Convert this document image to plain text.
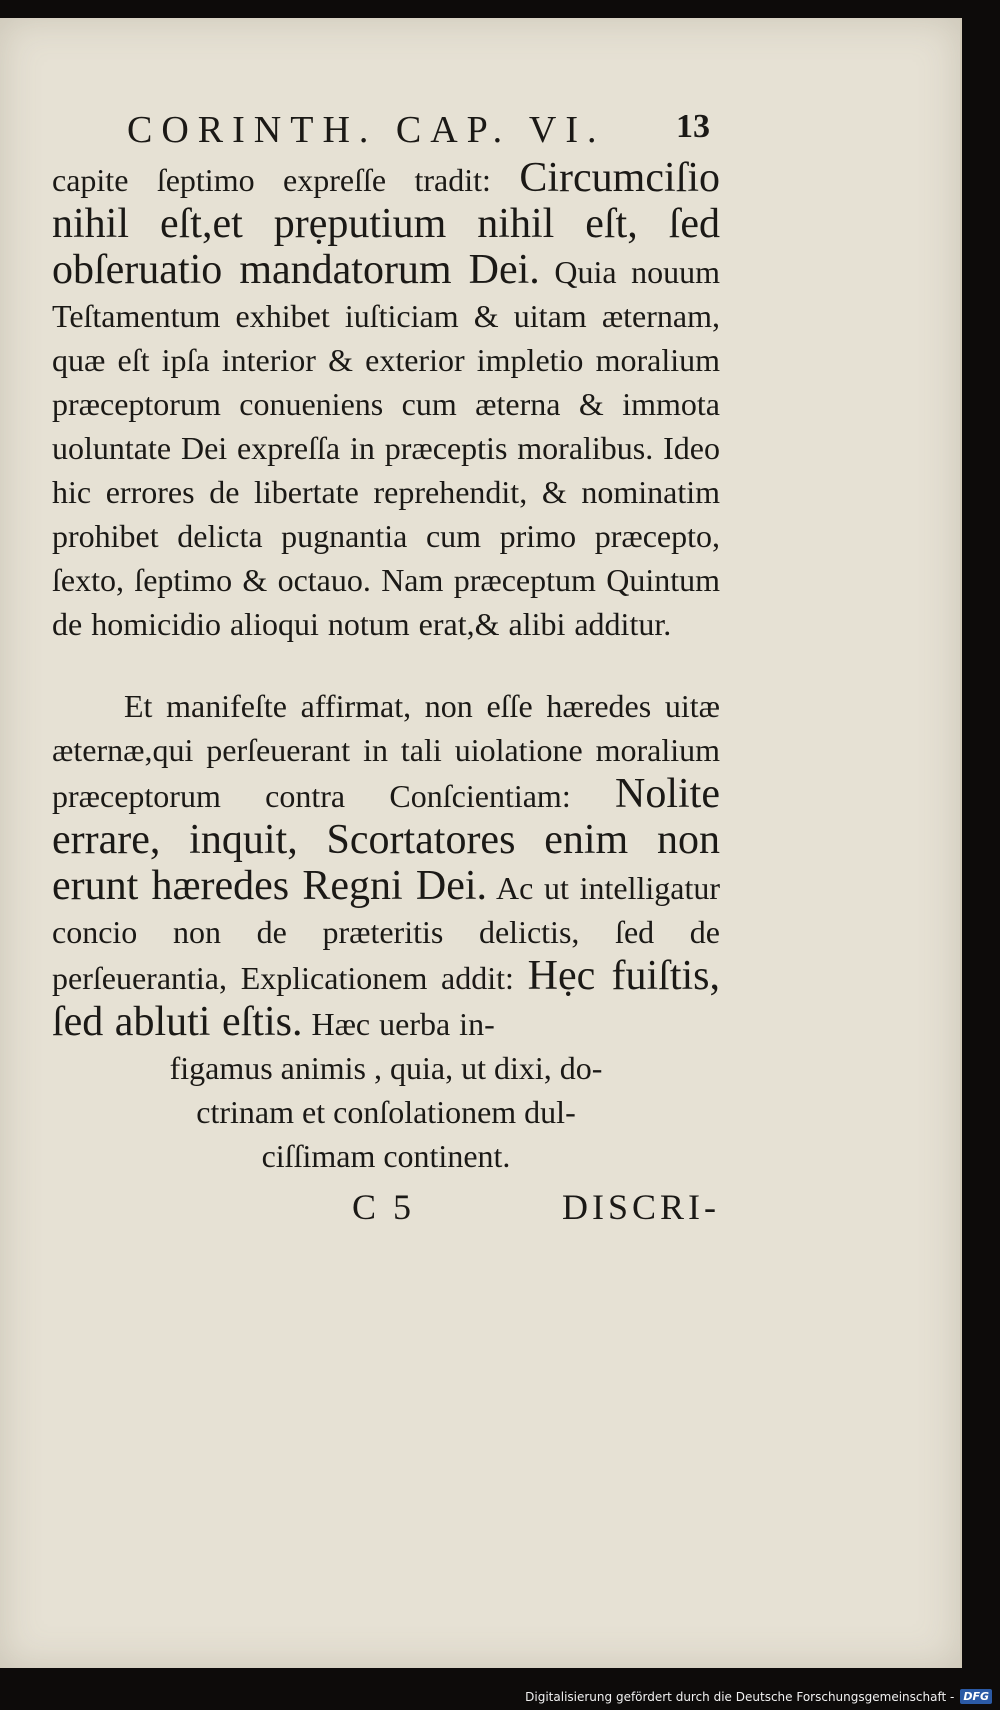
CORINTH. CAP. VI. 13

capite ſeptimo expreſſe tradit: Circumciſio nihil eſt,et prẹputium nihil eſt, ſed obſeruatio mandatorum Dei. Quia nouum Teſtamentum exhibet iuſticiam & uitam æternam, quæ eſt ipſa interior & exterior impletio moralium præceptorum conueniens cum æterna & immota uoluntate Dei expreſſa in præceptis moralibus. Ideo hic errores de libertate reprehendit, & nominatim prohibet delicta pugnantia cum primo præcepto, ſexto, ſeptimo & octauo. Nam præceptum Quintum de homicidio alioqui notum erat,& alibi additur.

Et manifeſte affirmat, non eſſe hæredes uitæ æternæ,qui perſeuerant in tali uiolatione moralium præceptorum contra Conſcientiam: Nolite errare, inquit, Scortatores enim non erunt hæredes Regni Dei. Ac ut intelligatur concio non de præteritis delictis, ſed de perſeuerantia, Explicationem addit: Hẹc fuiſtis, ſed abluti eſtis. Hæc uerba in-

figamus animis , quia, ut dixi, do-

ctrinam et conſolationem dul-

ciſſimam continent.

C 5	DISCRI-
Digitalisierung gefördert durch die Deutsche Forschungsgemeinschaft - DFG
